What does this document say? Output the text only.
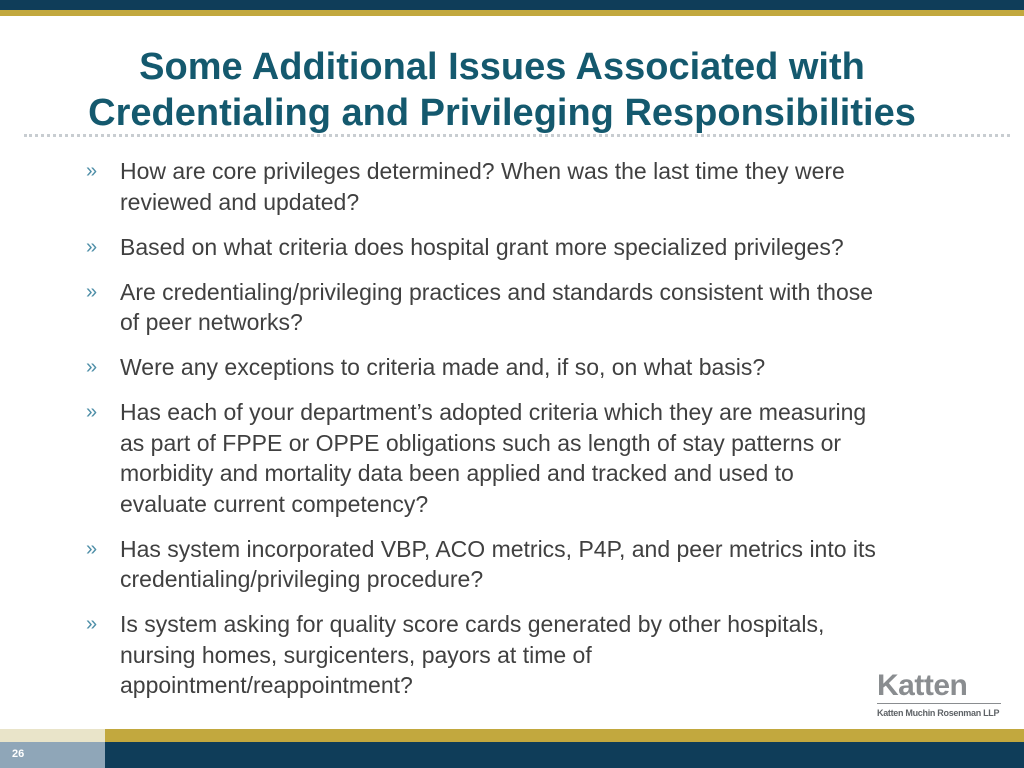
Some Additional Issues Associated with
Credentialing and Privileging Responsibilities
» How are core privileges determined? When was the last time they were
reviewed and updated?
» Based on what criteria does hospital grant more specialized privileges?
» Are credentialing/privileging practices and standards consistent with those
of peer networks?
» Were any exceptions to criteria made and, if so, on what basis?
» Has each of your department’s adopted criteria which they are measuring
as part of FPPE or OPPE obligations such as length of stay patterns or
morbidity and mortality data been applied and tracked and used to
evaluate current competency?
» Has system incorporated VBP, ACO metrics, P4P, and peer metrics into its
credentialing/privileging procedure?
» Is system asking for quality score cards generated by other hospitals,
nursing homes, surgicenters, payors at time of
appointment/reappointment?	Katten
Katten Muchin Rosenman LLP
26
